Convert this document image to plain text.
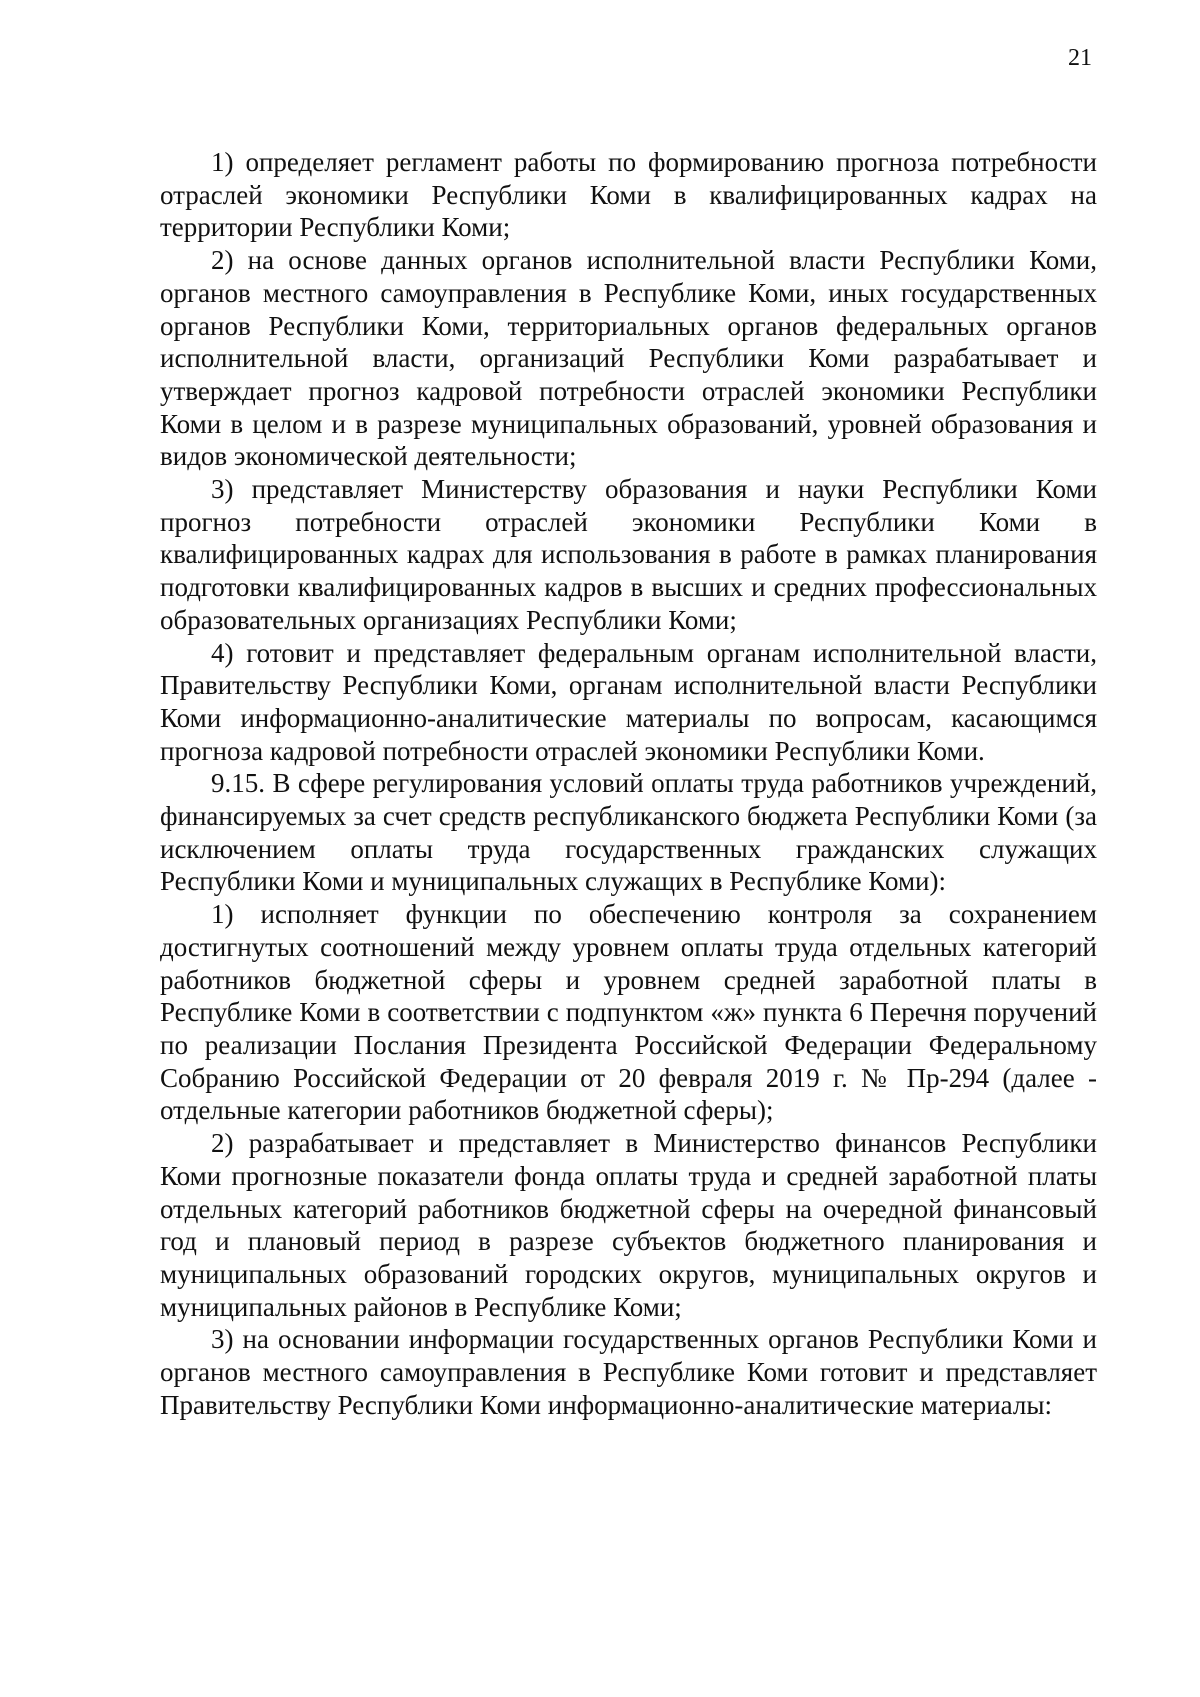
21

1) определяет регламент работы по формированию прогноза потребности отраслей экономики Республики Коми в квалифицированных кадрах на территории Республики Коми;

2) на основе данных органов исполнительной власти Республики Коми, органов местного самоуправления в Республике Коми, иных государственных органов Республики Коми, территориальных органов федеральных органов исполнительной власти, организаций Республики Коми разрабатывает и утверждает прогноз кадровой потребности отраслей экономики Республики Коми в целом и в разрезе муниципальных образований, уровней образования и видов экономической деятельности;

3) представляет Министерству образования и науки Республики Коми прогноз потребности отраслей экономики Республики Коми в квалифицированных кадрах для использования в работе в рамках планирования подготовки квалифицированных кадров в высших и средних профессиональных образовательных организациях Республики Коми;

4) готовит и представляет федеральным органам исполнительной власти, Правительству Республики Коми, органам исполнительной власти Республики Коми информационно-аналитические материалы по вопросам, касающимся прогноза кадровой потребности отраслей экономики Республики Коми.

9.15. В сфере регулирования условий оплаты труда работников учреждений, финансируемых за счет средств республиканского бюджета Республики Коми (за исключением оплаты труда государственных гражданских служащих Республики Коми и муниципальных служащих в Республике Коми):

1) исполняет функции по обеспечению контроля за сохранением достигнутых соотношений между уровнем оплаты труда отдельных категорий работников бюджетной сферы и уровнем средней заработной платы в Республике Коми в соответствии с подпунктом «ж» пункта 6 Перечня поручений по реализации Послания Президента Российской Федерации Федеральному Собранию Российской Федерации от 20 февраля 2019 г. № Пр-294 (далее - отдельные категории работников бюджетной сферы);

2) разрабатывает и представляет в Министерство финансов Республики Коми прогнозные показатели фонда оплаты труда и средней заработной платы отдельных категорий работников бюджетной сферы на очередной финансовый год и плановый период в разрезе субъектов бюджетного планирования и муниципальных образований городских округов, муниципальных округов и муниципальных районов в Республике Коми;

3) на основании информации государственных органов Республики Коми и органов местного самоуправления в Республике Коми готовит и представляет Правительству Республики Коми информационно-аналитические материалы:
